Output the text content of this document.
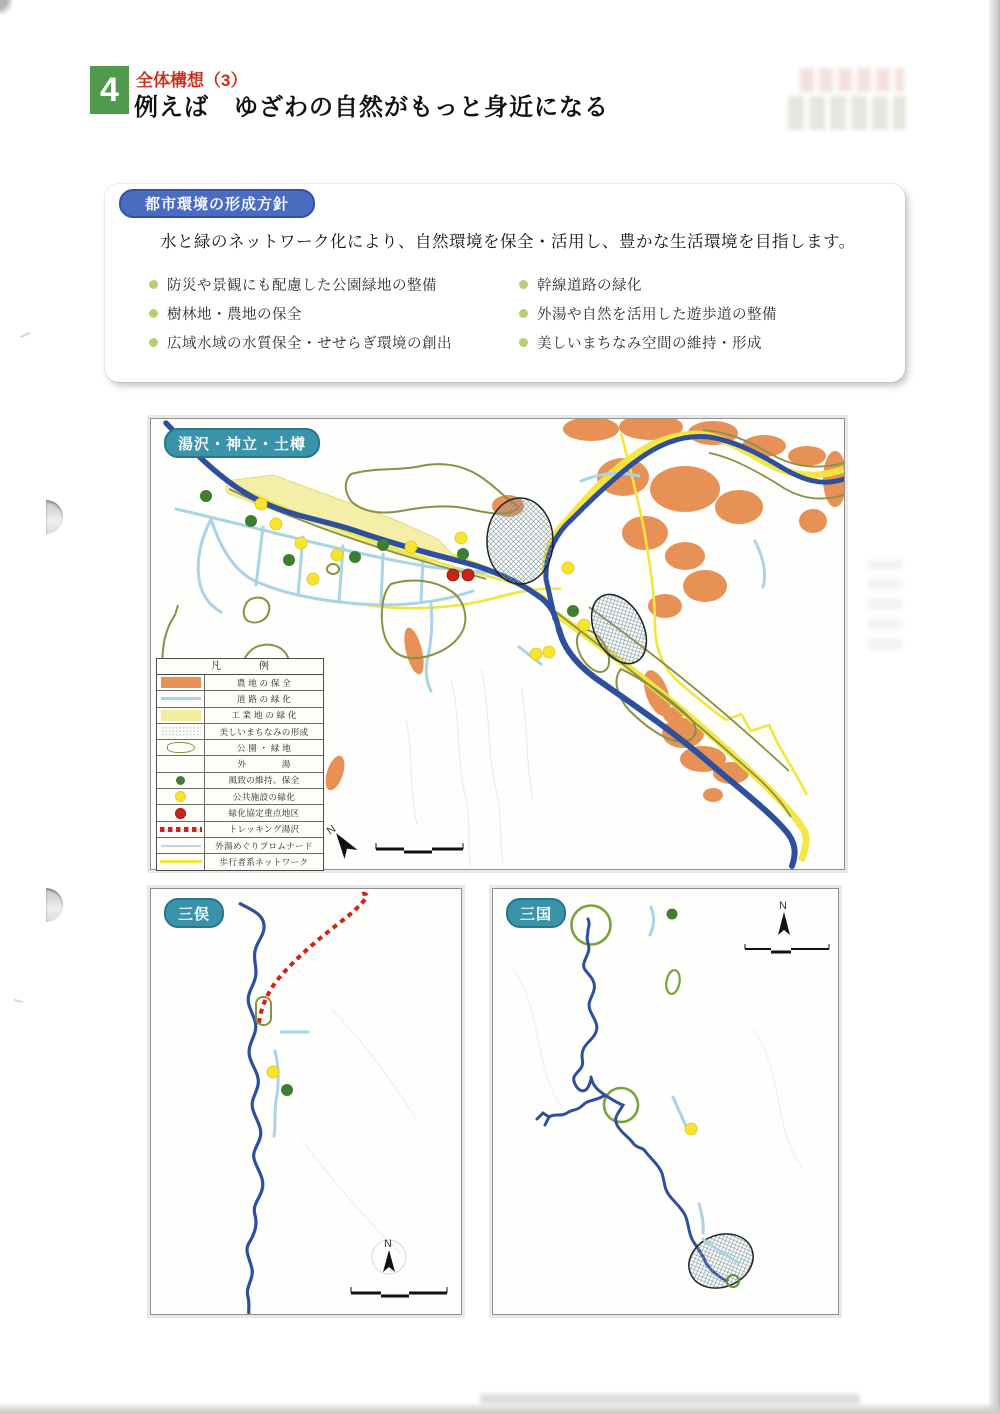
4 全体構想（3）
例えば　ゆざわの自然がもっと身近になる
都市環境の形成方針
水と緑のネットワーク化により、自然環境を保全・活用し、豊かな生活環境を目指します。
防災や景観にも配慮した公園緑地の整備
樹林地・農地の保全
広域水域の水質保全・せせらぎ環境の創出
幹線道路の緑化
外湯や自然を活用した遊歩道の整備
美しいまちなみ空間の維持・形成
湯沢・神立・土樽
N
凡　例
農 地 の 保 全
道 路 の 緑 化
工 業 地 の 緑 化
美しいまちなみの形成
公 園 ・ 緑 地
外　　　　湯
風致の維持、保全
公共施設の緑化
緑化協定重点地区
トレッキング湯沢
外湯めぐりプロムナード
歩行者系ネットワーク
三俣
N
三国	N
